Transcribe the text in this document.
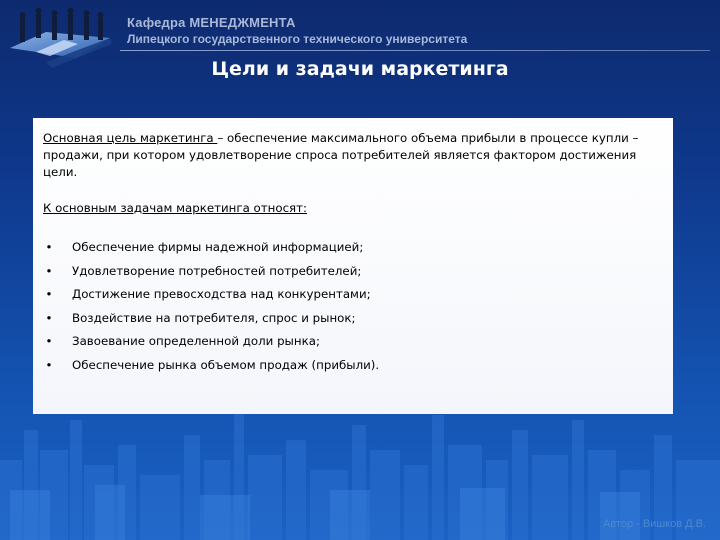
Кафедра МЕНЕДЖМЕНТА
Липецкого государственного технического университета
Цели и задачи маркетинга

Основная цель маркетинга – обеспечение максимального объема прибыли в процессе купли – продажи, при котором удовлетворение спроса потребителей является фактором достижения цели.

К основным задачам маркетинга относят:

• Обеспечение фирмы надежной информацией;
• Удовлетворение потребностей потребителей;
• Достижение превосходства над конкурентами;
• Воздействие на потребителя, спрос и рынок;
• Завоевание определенной доли рынка;
• Обеспечение рынка объемом продаж (прибыли).
Автор - Вишков Д.В.
